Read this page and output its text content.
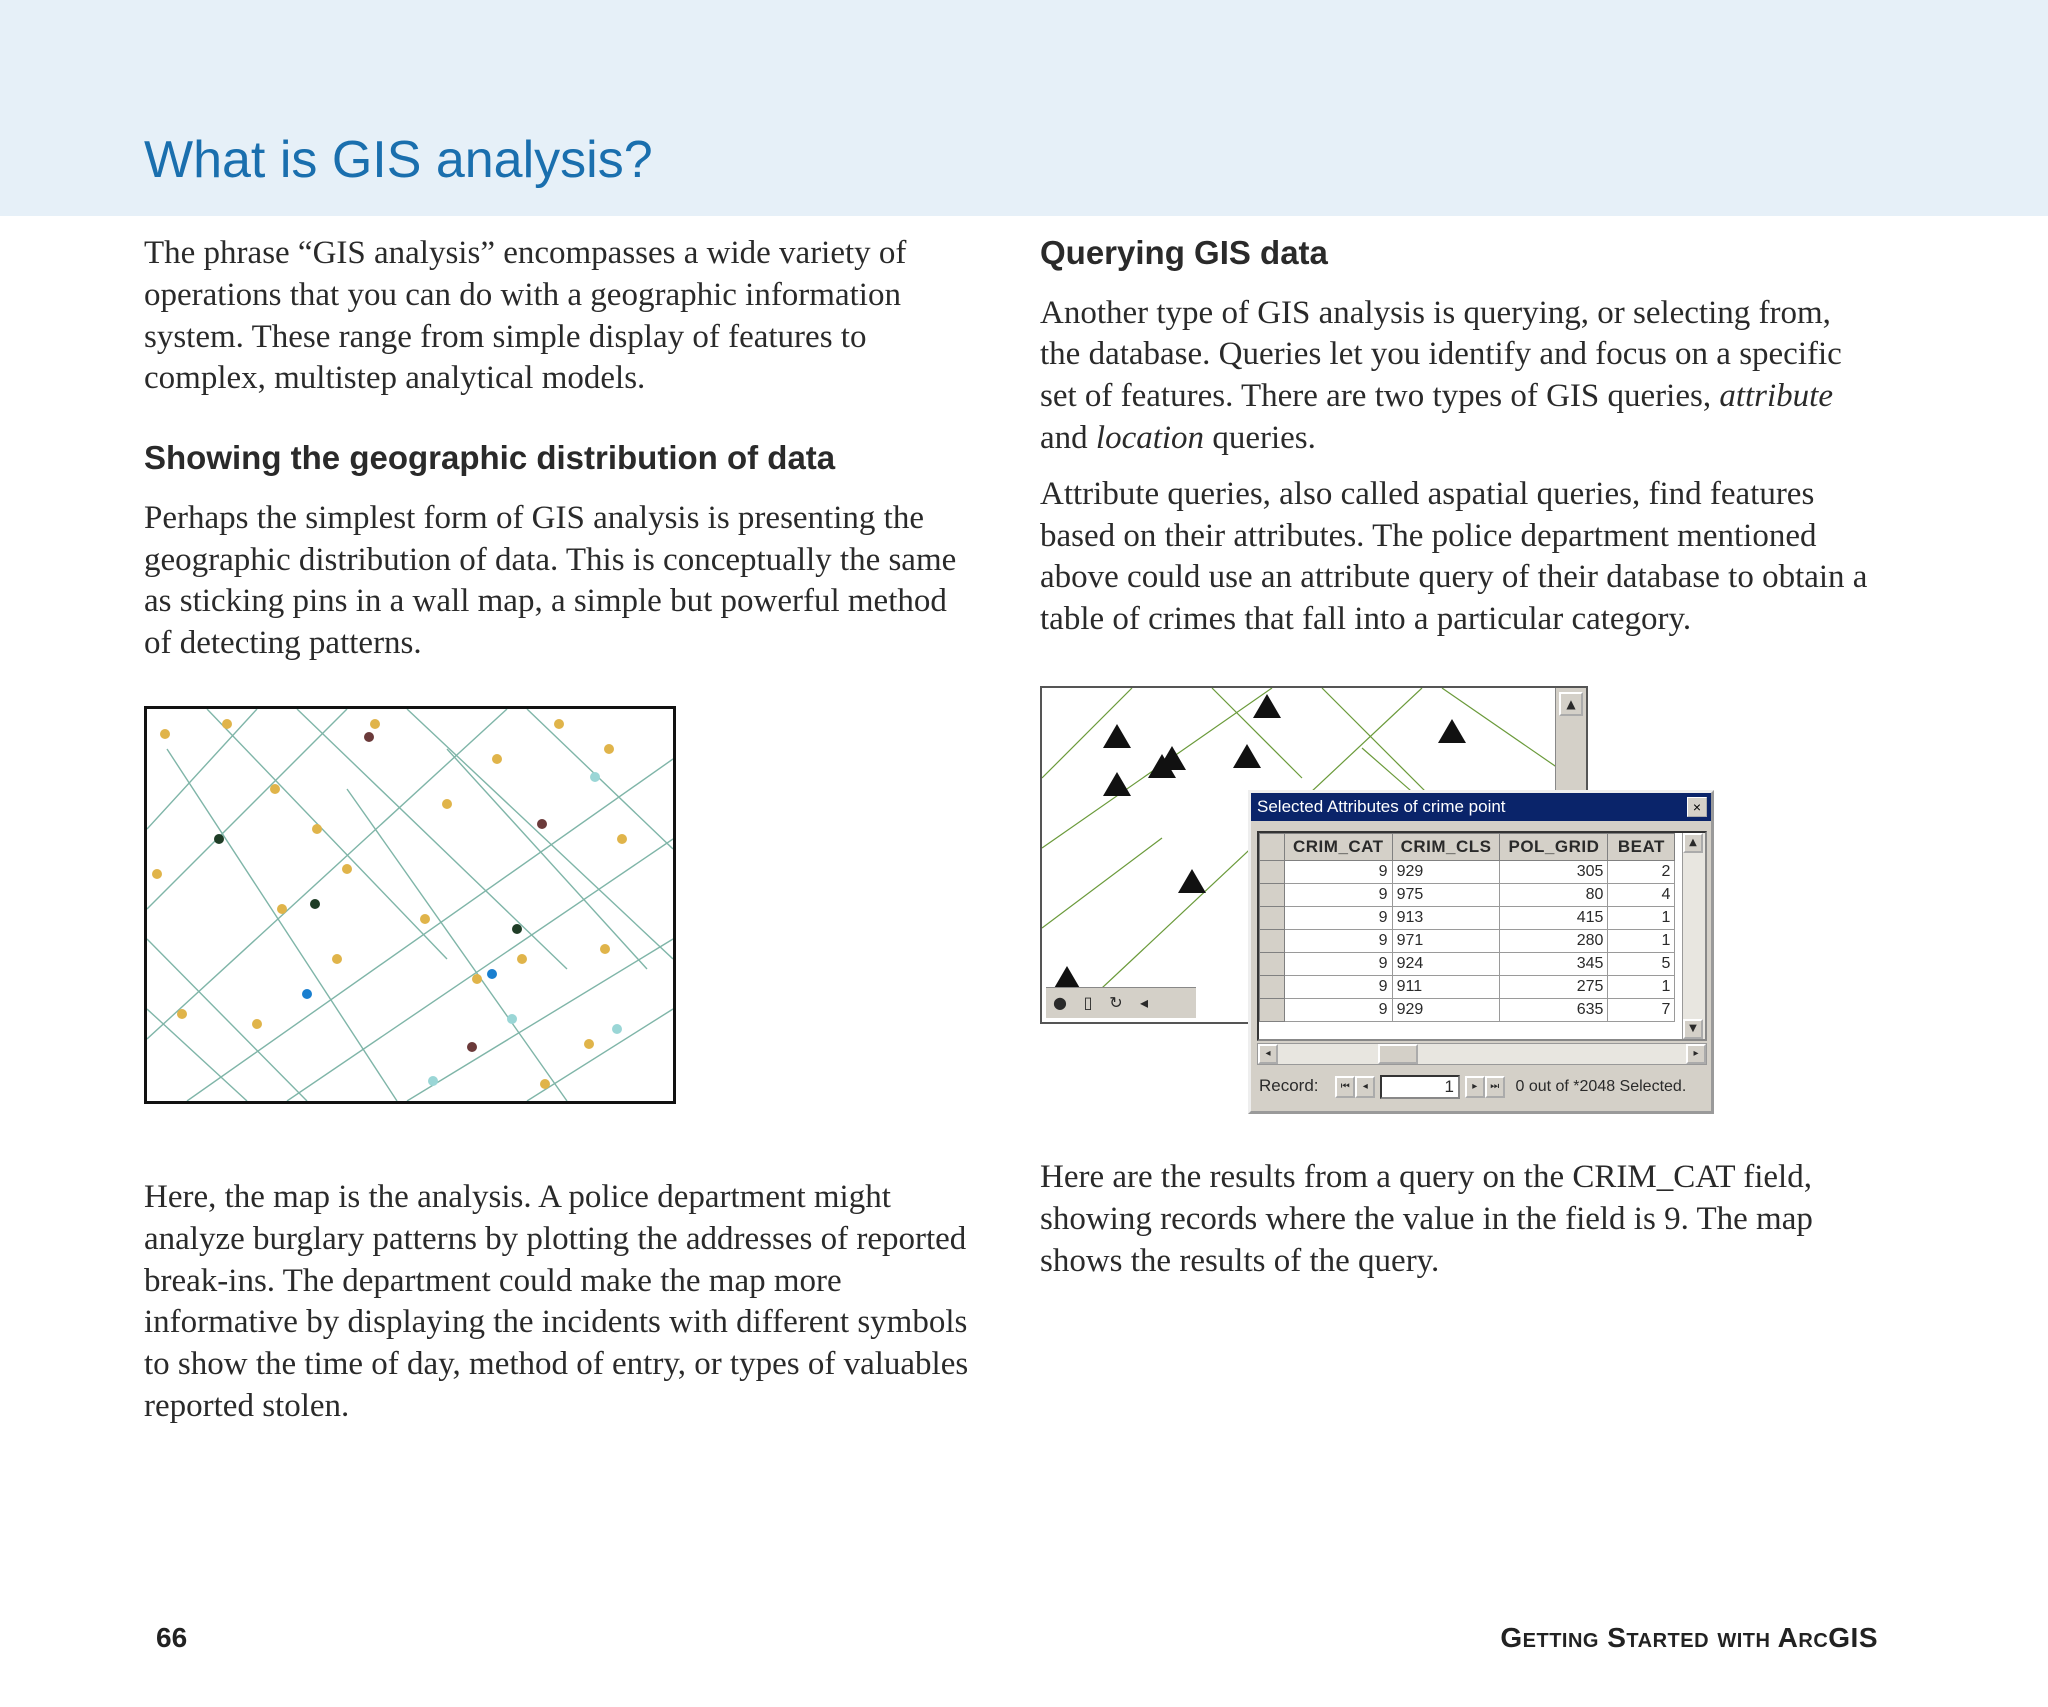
What is GIS analysis?

The phrase “GIS analysis” encompasses a wide variety of operations that you can do with a geographic information system. These range from simple display of features to complex, multistep analytical models.

Showing the geographic distribution of data

Perhaps the simplest form of GIS analysis is presenting the geographic distribution of data. This is conceptually the same as sticking pins in a wall map, a simple but powerful method of detecting patterns.

Here, the map is the analysis. A police department might analyze burglary patterns by plotting the addresses of reported break-ins. The department could make the map more informative by displaying the incidents with different symbols to show the time of day, method of entry, or types of valuables reported stolen.

Querying GIS data

Another type of GIS analysis is querying, or selecting from, the database. Queries let you identify and focus on a specific set of features. There are two types of GIS queries, attribute and location queries.

Attribute queries, also called aspatial queries, find features based on their attributes. The police department mentioned above could use an attribute query of their database to obtain a table of crimes that fall into a particular category.

▲
● ▯ ↻ ◂
Selected Attributes of crime point	×
	CRIM_CAT	CRIM_CLS	POL_GRID	BEAT
	9	929	305	2
	9	975	80	4
	9	913	415	1
	9	971	280	1
	9	924	345	5
	9	911	275	1
	9	929	635	7
▲
▼
◂	▸
Record: ⏮ ◂	1 ▸ ⏭ 0 out of *2048 Selected.

Here are the results from a query on the CRIM_CAT field, showing records where the value in the field is 9. The map shows the results of the query.

66	Getting Started with ArcGIS
